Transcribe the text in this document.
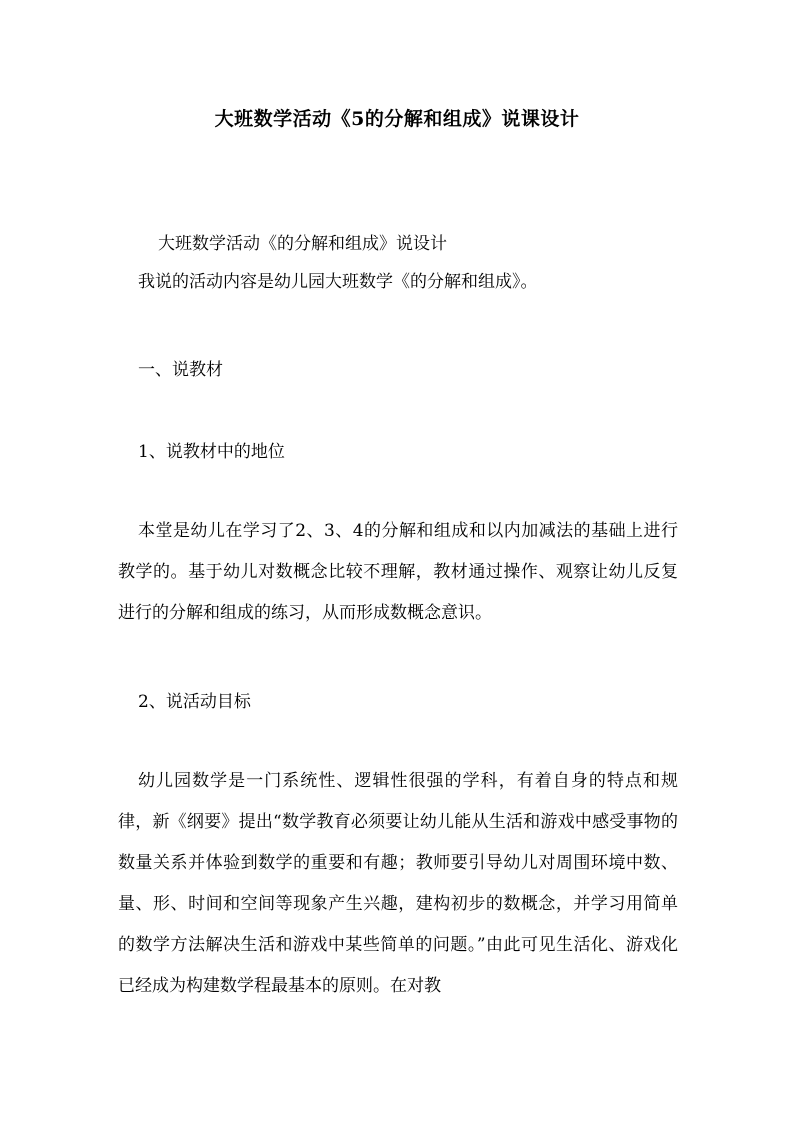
大班数学活动《5的分解和组成》说课设计
大班数学活动《的分解和组成》说设计
我说的活动内容是幼儿园大班数学《的分解和组成》。
一、说教材
1、说教材中的地位
本堂是幼儿在学习了2、3、4的分解和组成和以内加减法的基础上进行教学的。基于幼儿对数概念比较不理解，教材通过操作、观察让幼儿反复进行的分解和组成的练习，从而形成数概念意识。
2、说活动目标
幼儿园数学是一门系统性、逻辑性很强的学科，有着自身的特点和规律，新《纲要》提出“数学教育必须要让幼儿能从生活和游戏中感受事物的数量关系并体验到数学的重要和有趣；教师要引导幼儿对周围环境中数、量、形、时间和空间等现象产生兴趣，建构初步的数概念，并学习用简单的数学方法解决生活和游戏中某些简单的问题。”由此可见生活化、游戏化已经成为构建数学程最基本的原则。在对教
